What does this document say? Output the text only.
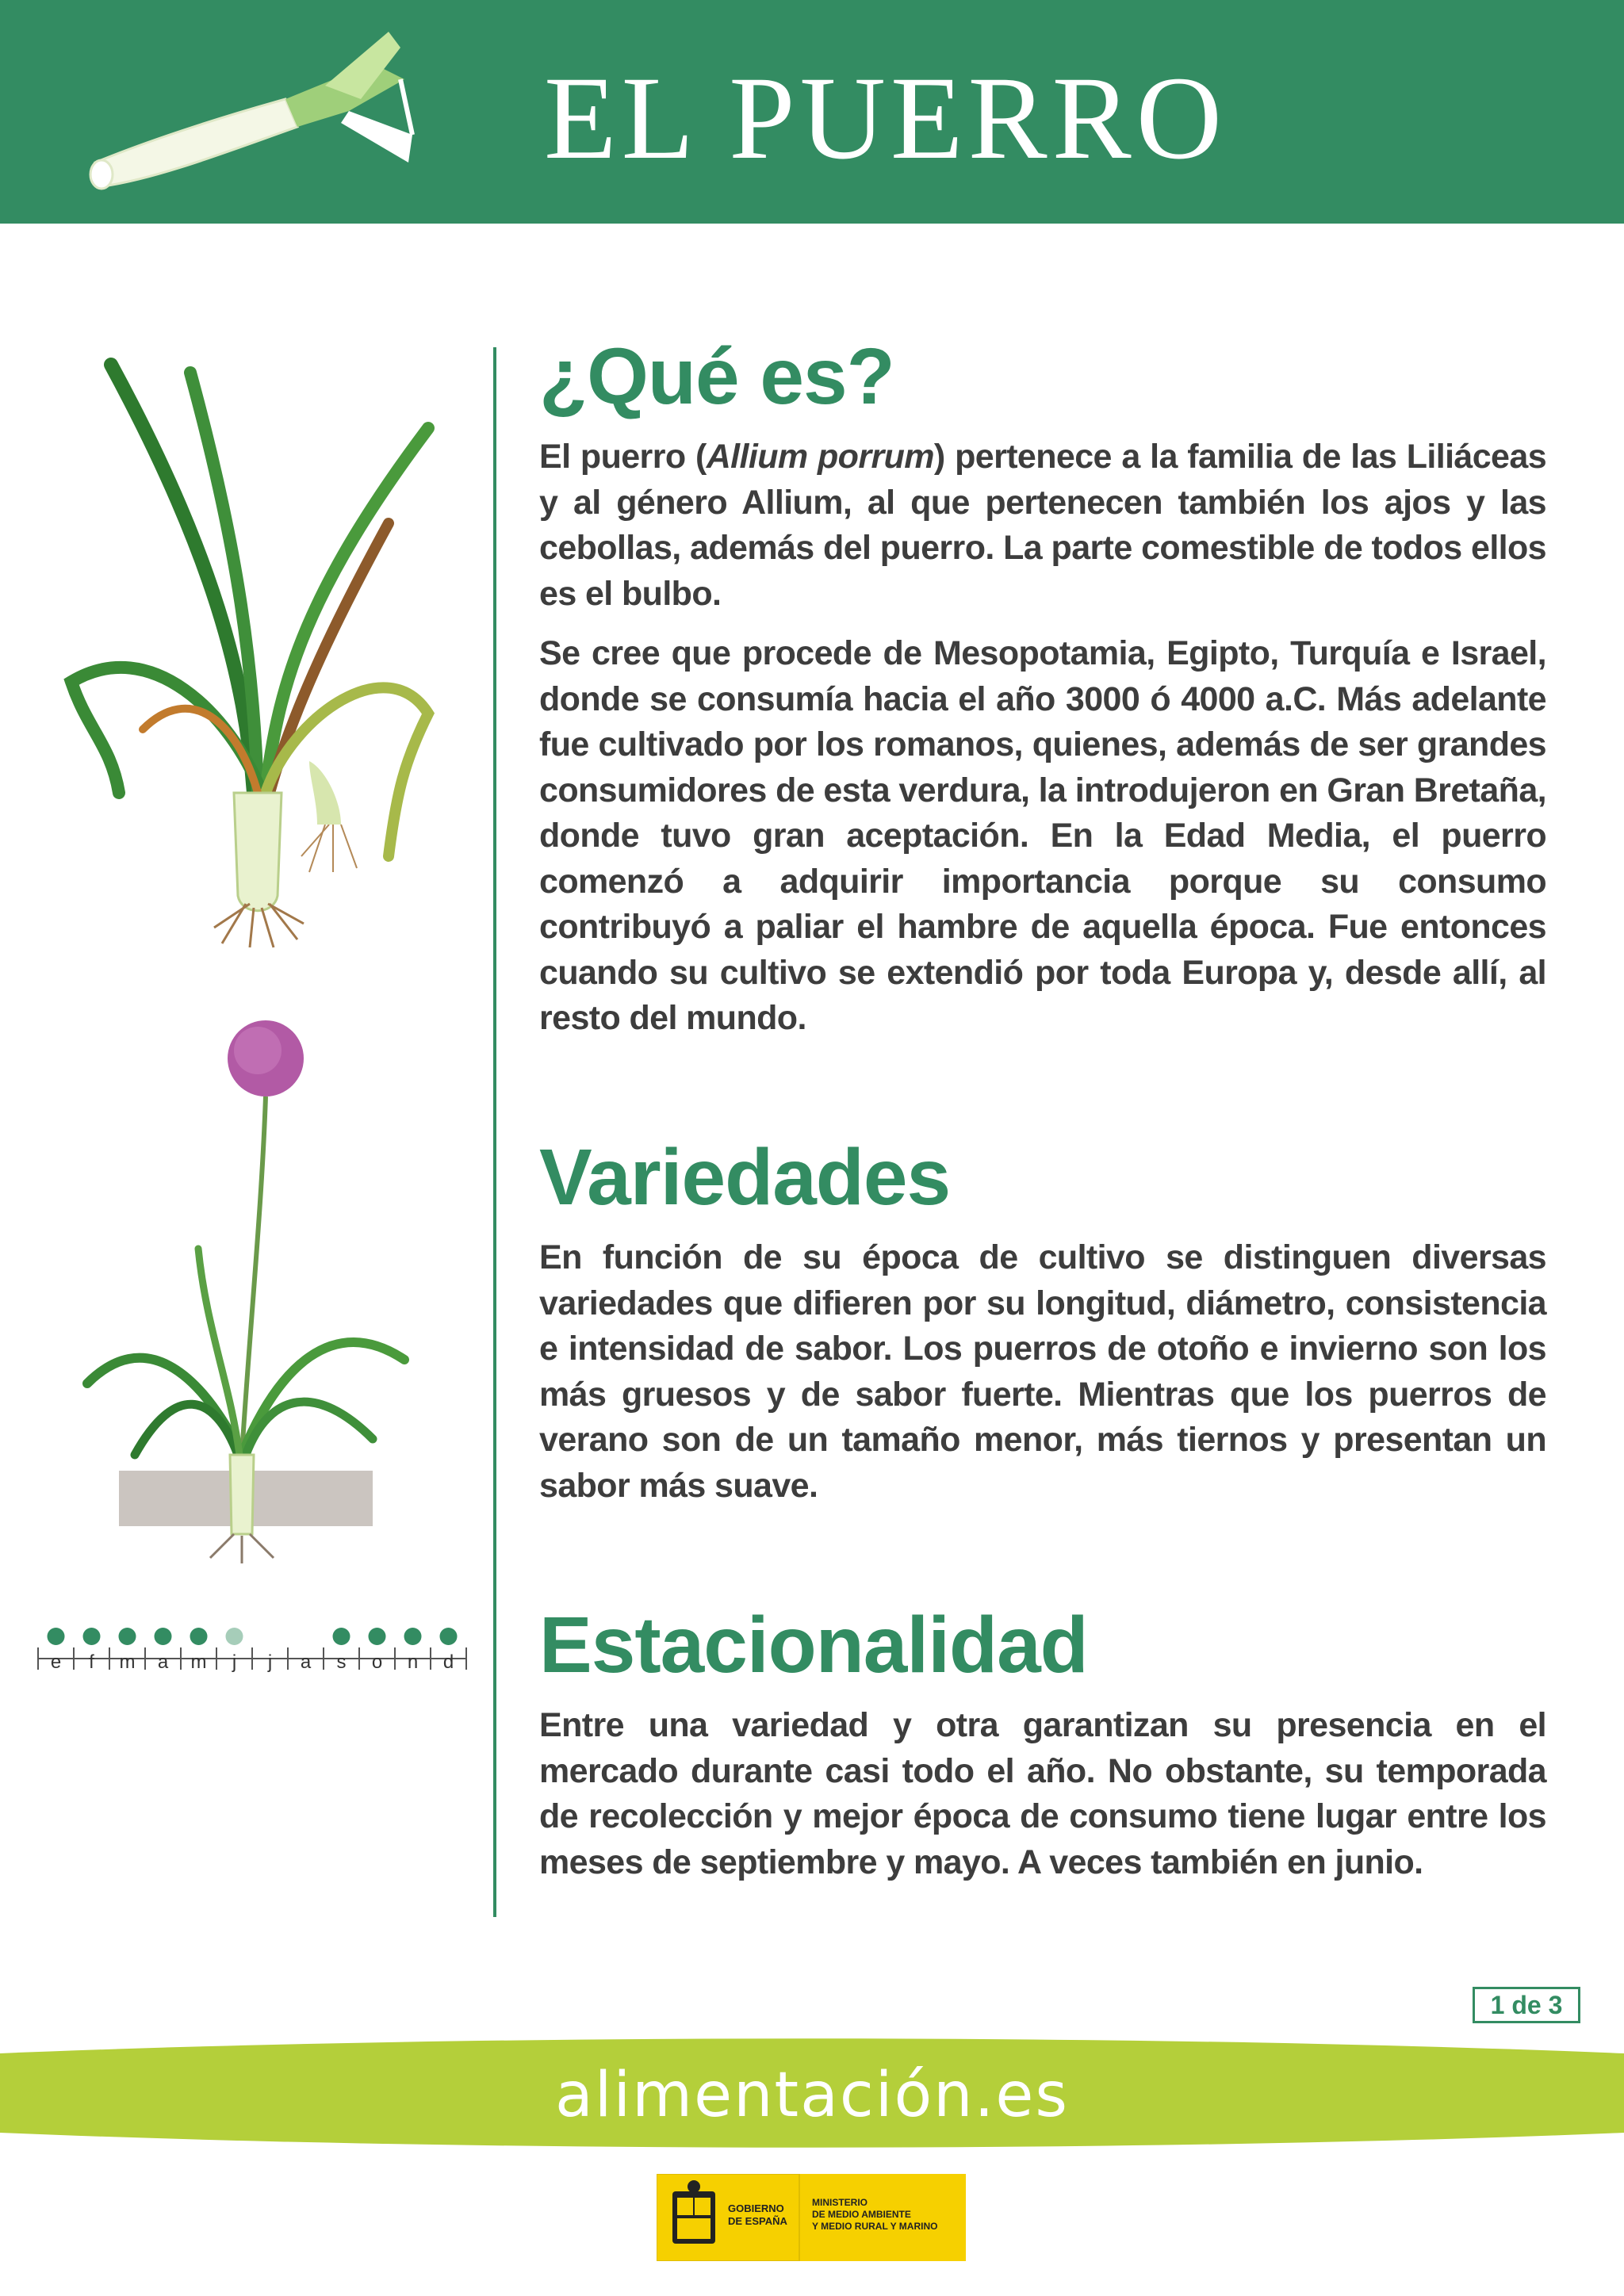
EL PUERRO
e f m a m j j a s o n d
¿Qué es?

El puerro (Allium porrum) pertenece a la familia de las Liliáceas y al género Allium, al que pertenecen también los ajos y las cebollas, además del puerro. La parte comestible de todos ellos es el bulbo.

Se cree que procede de Mesopotamia, Egipto, Turquía e Israel, donde se consumía hacia el año 3000 ó 4000 a.C. Más adelante fue cultivado por los romanos, quienes, además de ser grandes consumidores de esta verdura, la introdujeron en Gran Bretaña, donde tuvo gran aceptación. En la Edad Media, el puerro comenzó a adquirir importancia porque su consumo contribuyó a paliar el hambre de aquella época. Fue entonces cuando su cultivo se extendió por toda Europa y, desde allí, al resto del mundo.

Variedades

En función de su época de cultivo se distinguen diversas variedades que difieren por su longitud, diámetro, consistencia e intensidad de sabor. Los puerros de otoño e invierno son los más gruesos y de sabor fuerte. Mientras que los puerros de verano son de un tamaño menor, más tiernos y presentan un sabor más suave.

Estacionalidad

Entre una variedad y otra garantizan su presencia en el mercado durante casi todo el año. No obstante, su temporada de recolección y mejor época de consumo tiene lugar entre los meses de septiembre y mayo. A veces también en junio.

1 de 3
alimentación.es
GOBIERNO DE ESPAÑA
MINISTERIO DE MEDIO AMBIENTE Y MEDIO RURAL Y MARINO
